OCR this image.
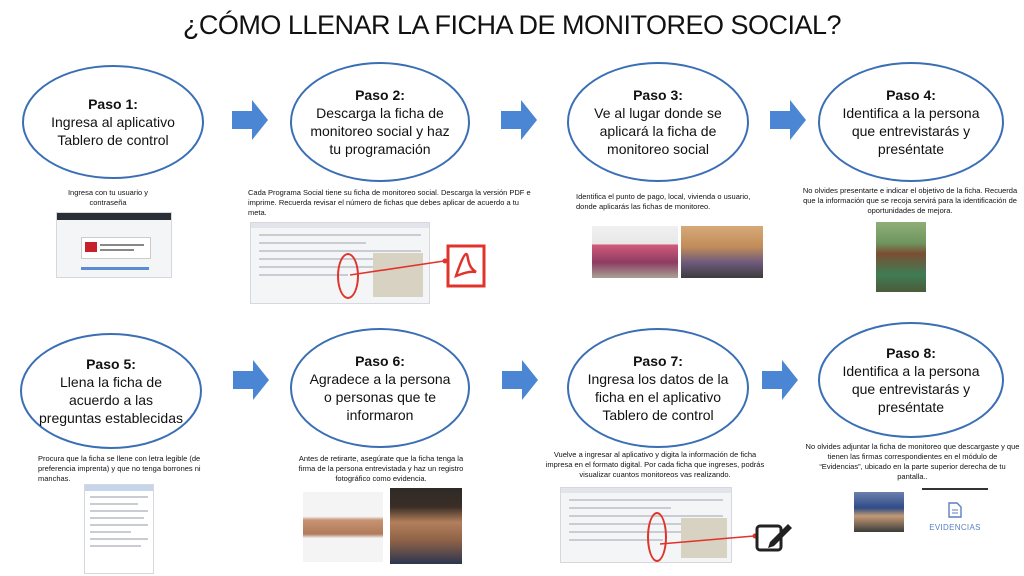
¿CÓMO LLENAR LA FICHA DE MONITOREO SOCIAL?
Paso 1:
Ingresa al aplicativo Tablero de control
Paso 2:
Descarga la ficha de monitoreo social y haz tu programación
Paso 3:
Ve al lugar donde se aplicará la ficha de monitoreo social
Paso 4:
Identifica a la persona que entrevistarás y preséntate
Paso 5:
Llena la ficha de acuerdo a las preguntas establecidas
Paso 6:
Agradece a la persona o personas que te informaron
Paso 7:
Ingresa los datos de la ficha en el aplicativo Tablero de control
Paso 8:
Identifica a la persona que entrevistarás y preséntate
Ingresa con tu usuario y contraseña
Cada Programa Social tiene su ficha de monitoreo social. Descarga la versión PDF e imprime. Recuerda revisar el número de fichas que debes aplicar de acuerdo a tu meta.
Identifica el punto de pago, local, vivienda o usuario, donde aplicarás las fichas de monitoreo.
No olvides presentarte e indicar el objetivo de la ficha. Recuerda que la información que se recoja servirá para la identificación de oportunidades de mejora.
Procura que la ficha se llene con letra legible (de preferencia imprenta) y que no tenga borrones ni manchas.
Antes de retirarte, asegúrate que la ficha tenga la firma de la persona entrevistada y haz un registro fotográfico como evidencia.
Vuelve a ingresar al aplicativo y digita la información de ficha impresa en el formato digital. Por cada ficha que ingreses, podrás visualizar cuantos monitoreos vas realizando.
No olvides adjuntar la ficha de monitoreo que descargaste y que tienen las firmas correspondientes en el módulo de “Evidencias”, ubicado en la parte superior derecha de tu pantalla..
EVIDENCIAS
